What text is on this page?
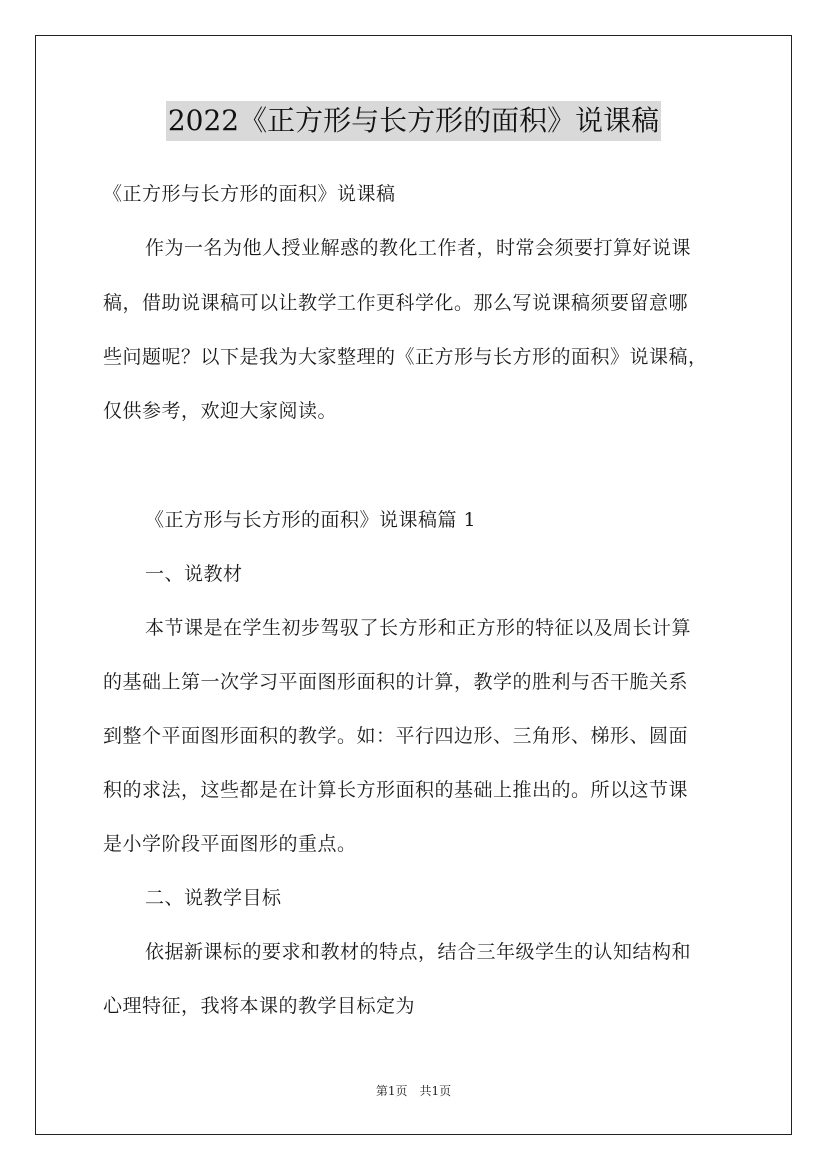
2022《正方形与长方形的面积》说课稿
《正方形与长方形的面积》说课稿
作为一名为他人授业解惑的教化工作者，时常会须要打算好说课
稿，借助说课稿可以让教学工作更科学化。那么写说课稿须要留意哪
些问题呢？以下是我为大家整理的《正方形与长方形的面积》说课稿，
仅供参考，欢迎大家阅读。
《正方形与长方形的面积》说课稿篇 1
一、说教材
本节课是在学生初步驾驭了长方形和正方形的特征以及周长计算
的基础上第一次学习平面图形面积的计算，教学的胜利与否干脆关系
到整个平面图形面积的教学。如：平行四边形、三角形、梯形、圆面
积的求法，这些都是在计算长方形面积的基础上推出的。所以这节课
是小学阶段平面图形的重点。
二、说教学目标
依据新课标的要求和教材的特点，结合三年级学生的认知结构和
心理特征，我将本课的教学目标定为
第1页　共1页
